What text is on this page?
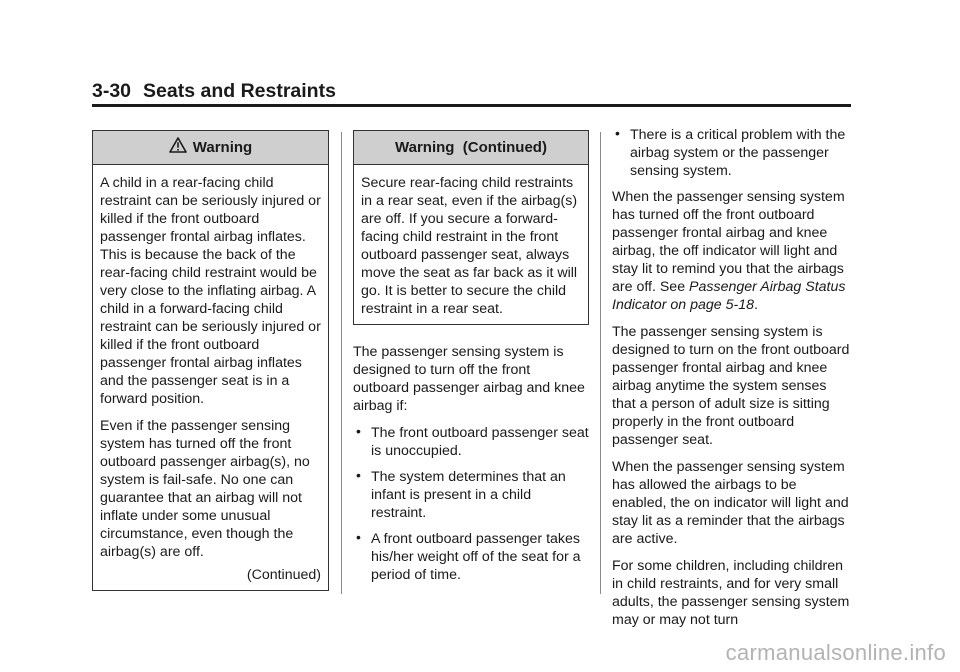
3-30 Seats and Restraints
Warning

A child in a rear-facing child restraint can be seriously injured or killed if the front outboard passenger frontal airbag inflates. This is because the back of the rear-facing child restraint would be very close to the inflating airbag. A child in a forward-facing child restraint can be seriously injured or killed if the front outboard passenger frontal airbag inflates and the passenger seat is in a forward position.

Even if the passenger sensing system has turned off the front outboard passenger airbag(s), no system is fail-safe. No one can guarantee that an airbag will not inflate under some unusual circumstance, even though the airbag(s) are off.

(Continued)
Warning  (Continued)

Secure rear-facing child restraints in a rear seat, even if the airbag(s) are off. If you secure a forward-facing child restraint in the front outboard passenger seat, always move the seat as far back as it will go. It is better to secure the child restraint in a rear seat.

The passenger sensing system is designed to turn off the front outboard passenger airbag and knee airbag if:

• The front outboard passenger seat is unoccupied.
• The system determines that an infant is present in a child restraint.
• A front outboard passenger takes his/her weight off of the seat for a period of time.
• There is a critical problem with the airbag system or the passenger sensing system.

When the passenger sensing system has turned off the front outboard passenger frontal airbag and knee airbag, the off indicator will light and stay lit to remind you that the airbags are off. See Passenger Airbag Status Indicator on page 5-18.

The passenger sensing system is designed to turn on the front outboard passenger frontal airbag and knee airbag anytime the system senses that a person of adult size is sitting properly in the front outboard passenger seat.

When the passenger sensing system has allowed the airbags to be enabled, the on indicator will light and stay lit as a reminder that the airbags are active.

For some children, including children in child restraints, and for very small adults, the passenger sensing system may or may not turn

carmanualsonline.info
